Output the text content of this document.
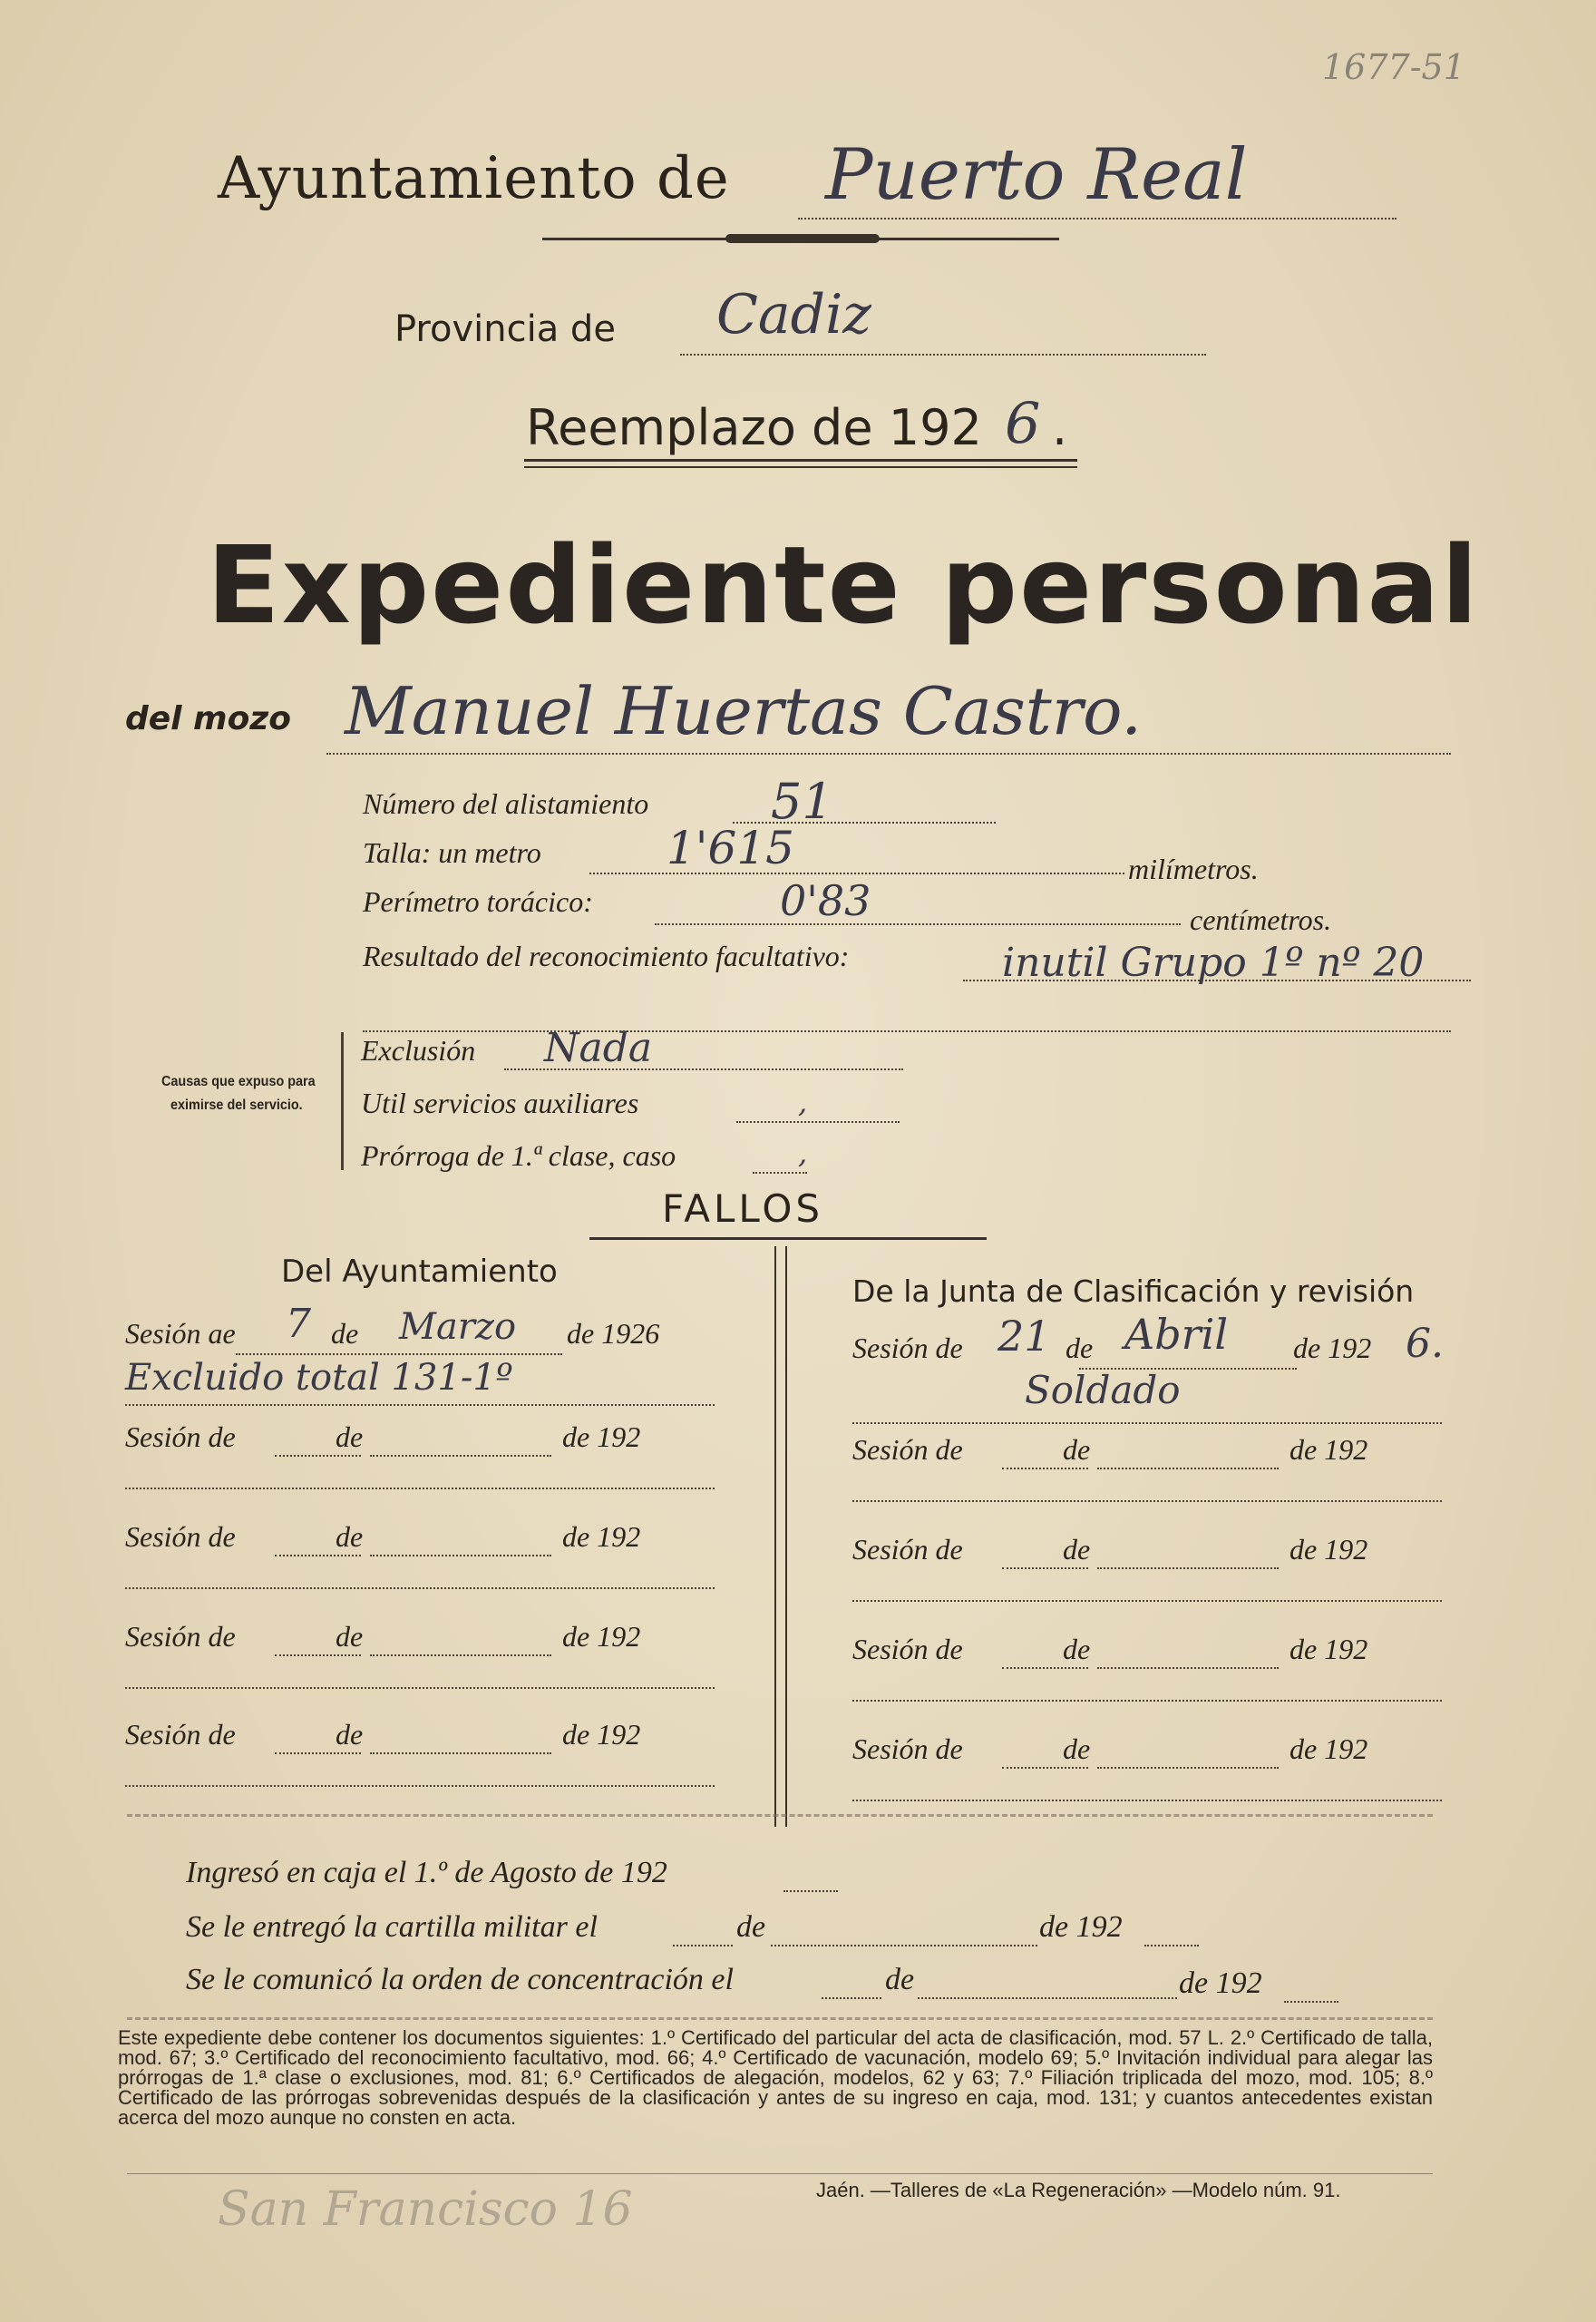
1677-51
Ayuntamiento de Puerto Real
Provincia de Cadiz
Reemplazo de 192 6 .
Expediente personal
del mozo Manuel Huertas Castro.
Número del alistamiento 51
Talla: un metro	1'615	milímetros.
Perímetro torácico:	0'83	centímetros.
Resultado del reconocimiento facultativo:	inutil Grupo 1º nº 20
Causas que expuso para
eximirse del servicio.
Exclusión Nada
Util servicios auxiliares	,
Prórroga de 1.ª clase, caso	,
FALLOS
Del Ayuntamiento
De la Junta de Clasificación y revisión
Sesión ae 7 de Marzo de 1926
Excluido total 131-1º
Sesión de 21 de Abril de 192 6.
Soldado
Sesión de	de	de 192
Sesión de	de	de 192
Sesión de	de	de 192
Sesión de	de	de 192
Sesión de	de	de 192
Sesión de	de	de 192
Sesión de	de	de 192
Sesión de	de	de 192
Ingresó en caja el 1.º de Agosto de 192
Se le entregó la cartilla militar el	de	de 192
Se le comunicó la orden de concentración el	de	de 192
Este expediente debe contener los documentos siguientes: 1.º Certificado del particular del acta de clasificación, mod. 57 L. 2.º Certificado de talla, mod. 67; 3.º Certificado del reconocimiento facultativo, mod. 66; 4.º Certificado de vacunación, modelo 69; 5.º Invitación individual para alegar las prórrogas de 1.ª clase o exclusiones, mod. 81; 6.º Certificados de alegación, modelos, 62 y 63; 7.º Filiación triplicada del mozo, mod. 105; 8.º Certificado de las prórrogas sobrevenidas después de la clasificación y antes de su ingreso en caja, mod. 131; y cuantos antecedentes existan acerca del mozo aunque no consten en acta.
Jaén. —Talleres de «La Regeneración» —Modelo núm. 91.
San Francisco 16
